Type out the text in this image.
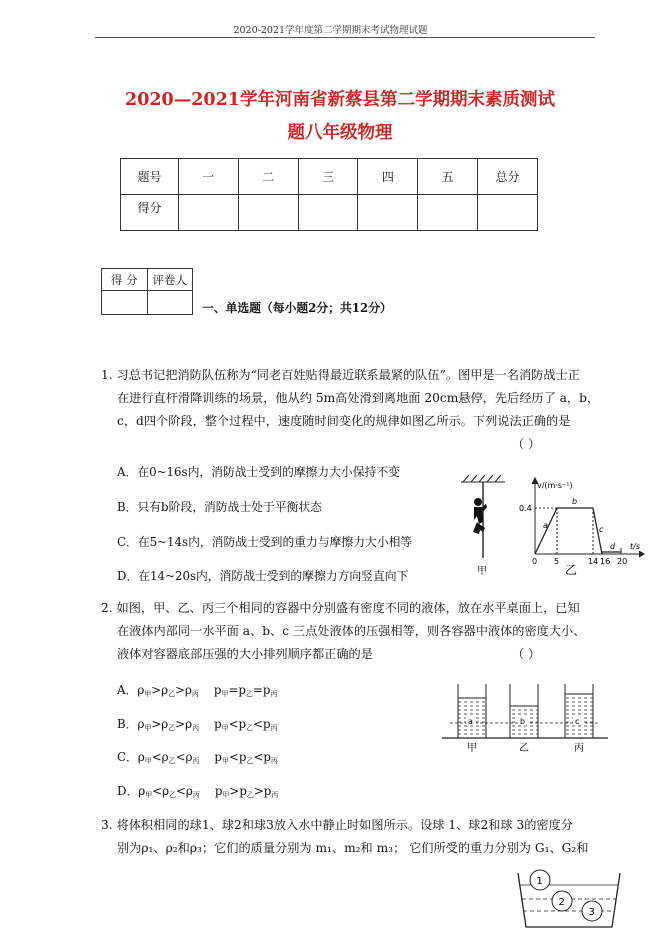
2020-2021学年度第二学期期末考试物理试题
2020—2021学年河南省新蔡县第二学期期末素质测试
题八年级物理
题号	一	二	三	四	五	总分
得分						
得 分	评卷人

一、单选题（每小题2分；共12分）
1. 习总书记把消防队伍称为“同老百姓贴得最近联系最紧的队伍”。图甲是一名消防战士正
在进行直杆滑降训练的场景，他从约 5m高处滑到离地面 20cm悬停，先后经历了 a，b，
c，d四个阶段，整个过程中，速度随时间变化的规律如图乙所示。下列说法正确的是
（ ）
A．在0~16s内，消防战士受到的摩擦力大小保持不变
B．只有b阶段，消防战士处于平衡状态
C．在5~14s内，消防战士受到的重力与摩擦力大小相等
D．在14~20s内，消防战士受到的摩擦力方向竖直向下
v/(m·s⁻¹)
t/s
0.4
0 5	14 16 20
a
b
c
d
甲	乙
2. 如图，甲、乙、丙三个相同的容器中分别盛有密度不同的液体，放在水平桌面上，已知
在液体内部同一水平面 a、b、c 三点处液体的压强相等，则各容器中液体的密度大小、
液体对容器底部压强的大小排列顺序都正确的是	（ ）
A．$\rho_甲>\rho_乙>\rho_丙$ $p_甲=p_乙=p_丙$
B．$\rho_甲>\rho_乙>\rho_丙$ $p_甲<p_乙<p_丙$
C．$\rho_甲<\rho_乙<\rho_丙$ $p_甲<p_乙<p_丙$
D．$\rho_甲<\rho_乙<\rho_丙$ $p_甲>p_乙>p_丙$
a	b	c
甲	乙	丙
3. 将体积相同的球1、球2和球3放入水中静止时如图所示。设球 1、球2和球 3的密度分
别为ρ₁、ρ₂和ρ₃；它们的质量分别为 m₁、m₂和 m₃； 它们所受的重力分别为 G₁、G₂和
1
2
3
